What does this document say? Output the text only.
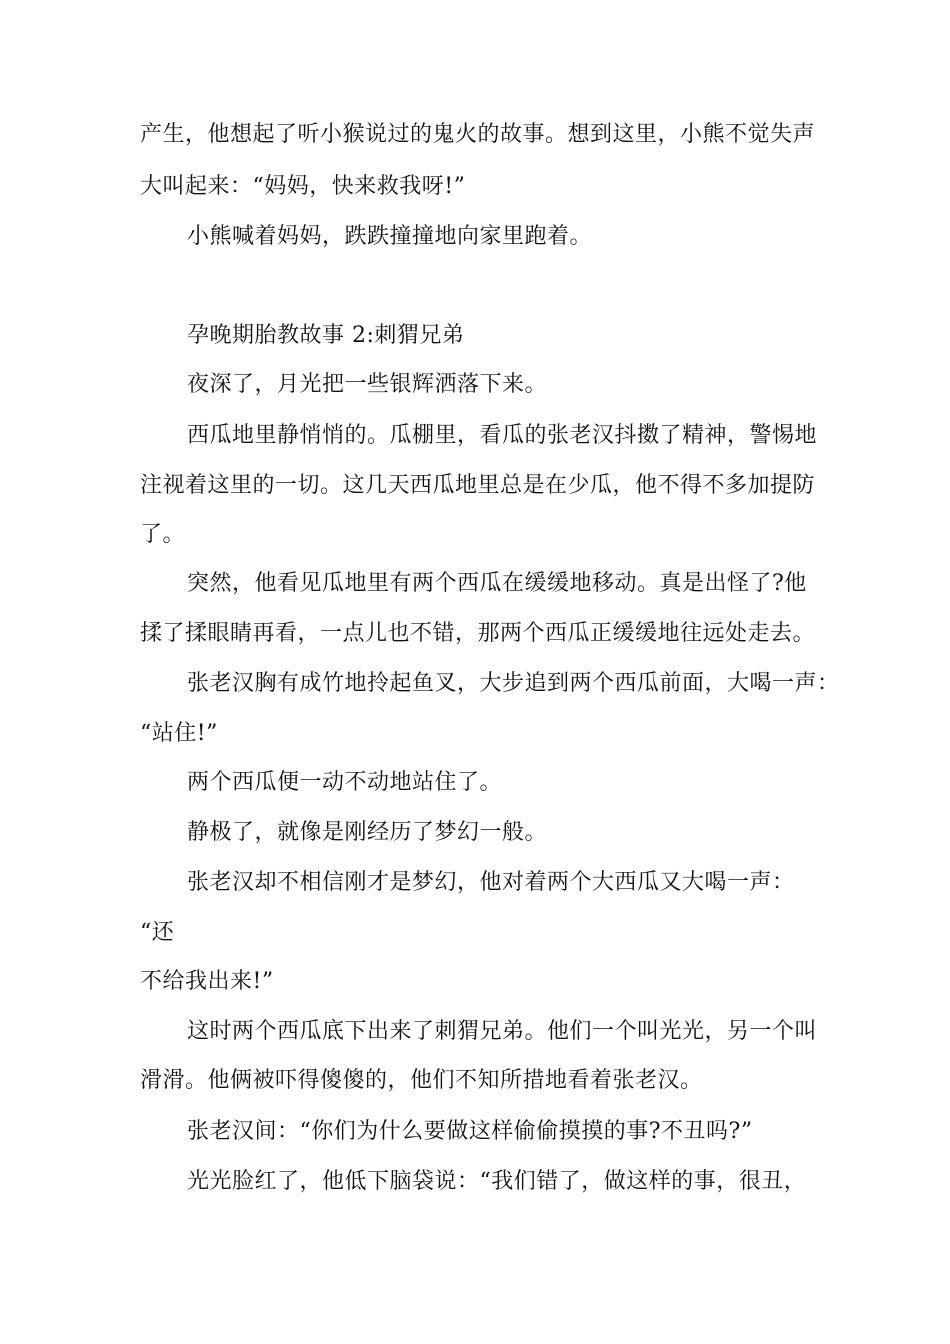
产生，他想起了听小猴说过的鬼火的故事。想到这里，小熊不觉失声
大叫起来：“妈妈，快来救我呀!”
小熊喊着妈妈，跌跌撞撞地向家里跑着。
孕晚期胎教故事 2:刺猬兄弟
夜深了，月光把一些银辉洒落下来。
西瓜地里静悄悄的。瓜棚里，看瓜的张老汉抖擞了精神，警惕地
注视着这里的一切。这几天西瓜地里总是在少瓜，他不得不多加提防
了。
突然，他看见瓜地里有两个西瓜在缓缓地移动。真是出怪了?他
揉了揉眼睛再看，一点儿也不错，那两个西瓜正缓缓地往远处走去。
张老汉胸有成竹地拎起鱼叉，大步追到两个西瓜前面，大喝一声：
“站住!”
两个西瓜便一动不动地站住了。
静极了，就像是刚经历了梦幻一般。
张老汉却不相信刚才是梦幻，他对着两个大西瓜又大喝一声：
“还
不给我出来!”
这时两个西瓜底下出来了刺猬兄弟。他们一个叫光光，另一个叫
滑滑。他俩被吓得傻傻的，他们不知所措地看着张老汉。
张老汉间：“你们为什么要做这样偷偷摸摸的事?不丑吗?”
光光脸红了，他低下脑袋说：“我们错了，做这样的事，很丑，
